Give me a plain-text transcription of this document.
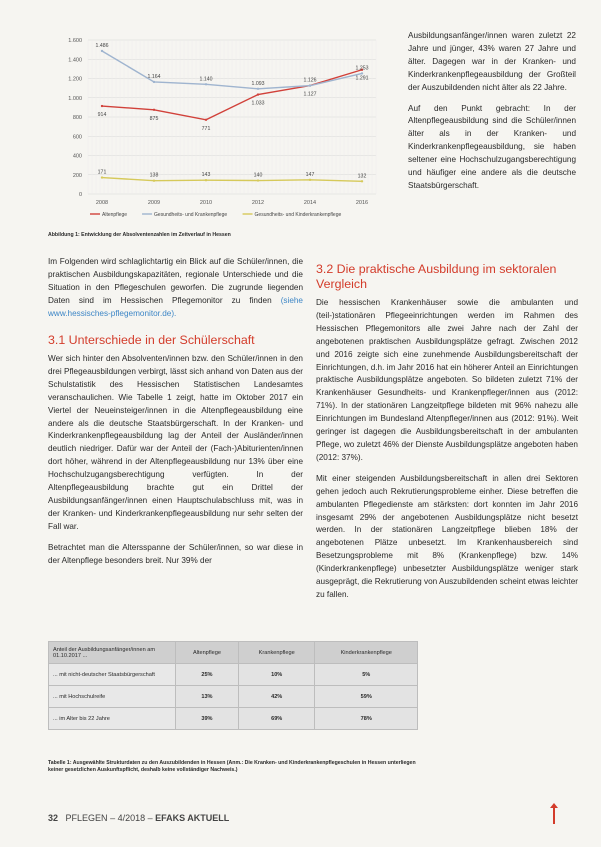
0
200
400
600
800
1.000
1.200
1.400
1.600
2008	2009	2010	2012	2014	2016
914
875
771
1.033
1.127
1.291
1.486
1.164	1.140
1.093
1.126
1.253
171
138	143	140	147	132
Altenpflege	Gesundheits- und Krankenpflege	Gesundheits- und Kinderkrankenpflege
Abbildung 1: Entwicklung der Absolventenzahlen im Zeitverlauf in Hessen

Ausbildungsanfänger/innen waren zuletzt 22 Jahre und jünger, 43% waren 27 Jahre und älter. Dagegen war in der Kranken- und Kinderkrankenpflegeausbildung der Großteil der Auszubildenden nicht älter als 22 Jahre.

Auf den Punkt gebracht: In der Altenpflegeausbildung sind die Schüler/innen älter als in der Kranken- und Kinderkrankenpflegeausbildung, sie haben seltener eine Hochschulzugangsberechtigung und häufiger eine andere als die deutsche Staatsbürgerschaft.

Im Folgenden wird schlaglichtartig ein Blick auf die Schüler/innen, die praktischen Ausbildungskapazitäten, regionale Unterschiede und die Situation in den Pflegeschulen geworfen. Die zugrunde liegenden Daten sind im Hessischen Pflegemonitor zu finden (siehe www.hessisches-pflegemonitor.de).

3.1 Unterschiede in der Schülerschaft

Wer sich hinter den Absolventen/innen bzw. den Schüler/innen in den drei Pflegeausbildungen verbirgt, lässt sich anhand von Daten aus der Schulstatistik des Hessischen Statistischen Landesamtes veranschaulichen. Wie Tabelle 1 zeigt, hatte im Oktober 2017 ein Viertel der Neueinsteiger/innen in die Altenpflegeausbildung eine andere als die deutsche Staatsbürgerschaft. In der Kranken- und Kinderkrankenpflegeausbildung lag der Anteil der Ausländer/innen deutlich niedriger. Dafür war der Anteil der (Fach-)Abiturienten/innen dort höher, während in der Altenpflegeausbildung nur 13% über eine Hochschulzugangsberechtigung verfügten. In der Altenpflegeausbildung brachte gut ein Drittel der Ausbildungsanfänger/innen einen Hauptschulabschluss mit, was in der Kranken- und Kinderkrankenpflegeausbildung nur sehr selten der Fall war.

Betrachtet man die Altersspanne der Schüler/innen, so war diese in der Altenpflege besonders breit. Nur 39% der

3.2 Die praktische Ausbildung im sektoralen Vergleich

Die hessischen Krankenhäuser sowie die ambulanten und (teil-)stationären Pflegeeinrichtungen werden im Rahmen des Hessischen Pflegemonitors alle zwei Jahre nach der Zahl der angebotenen praktischen Ausbildungsplätze gefragt. Zwischen 2012 und 2016 zeigte sich eine zunehmende Ausbildungsbereitschaft der Einrichtungen, d.h. im Jahr 2016 hat ein höherer Anteil an Einrichtungen praktische Ausbildungsplätze angeboten. So bildeten zuletzt 71% der Krankenhäuser Gesundheits- und Krankenpfleger/innen aus (2012: 71%). In der stationären Langzeitpflege bildeten mit 96% nahezu alle Einrichtungen im Bundesland Altenpfleger/innen aus (2012: 91%). Weit geringer ist dagegen die Ausbildungsbereitschaft in der ambulanten Pflege, wo zuletzt 46% der Dienste Ausbildungsplätze angeboten haben (2012: 37%).

Mit einer steigenden Ausbildungsbereitschaft in allen drei Sektoren gehen jedoch auch Rekrutierungsprobleme einher. Diese betreffen die ambulanten Pflegedienste am stärksten: dort konnten im Jahr 2016 insgesamt 29% der angebotenen Ausbildungsplätze nicht besetzt werden. In der stationären Langzeitpflege blieben 18% der angebotenen Plätze unbesetzt. Im Krankenhausbereich sind Besetzungsprobleme mit 8% (Krankenpflege) bzw. 14% (Kinderkrankenpflege) unbesetzter Ausbildungsplätze weniger stark ausgeprägt, die Rekrutierung von Auszubildenden scheint etwas leichter zu fallen.

Anteil der Ausbildungsanfänger/innen am 01.10.2017 ...	Altenpflege	Krankenpflege	Kinderkrankenpflege
... mit nicht-deutscher Staatsbürgerschaft	25%	10%	5%
... mit Hochschulreife	13%	42%	59%
... im Alter bis 22 Jahre	39%	69%	78%
Tabelle 1: Ausgewählte Strukturdaten zu den Auszubildenden in Hessen (Anm.: Die Kranken- und Kinderkrankenpflegeschulen in Hessen unterliegen keiner gesetzlichen Auskunftspflicht, deshalb keine vollständiger Nachweis.)
32 PFLEGEN – 4/2018 – EFAKS AKTUELL
